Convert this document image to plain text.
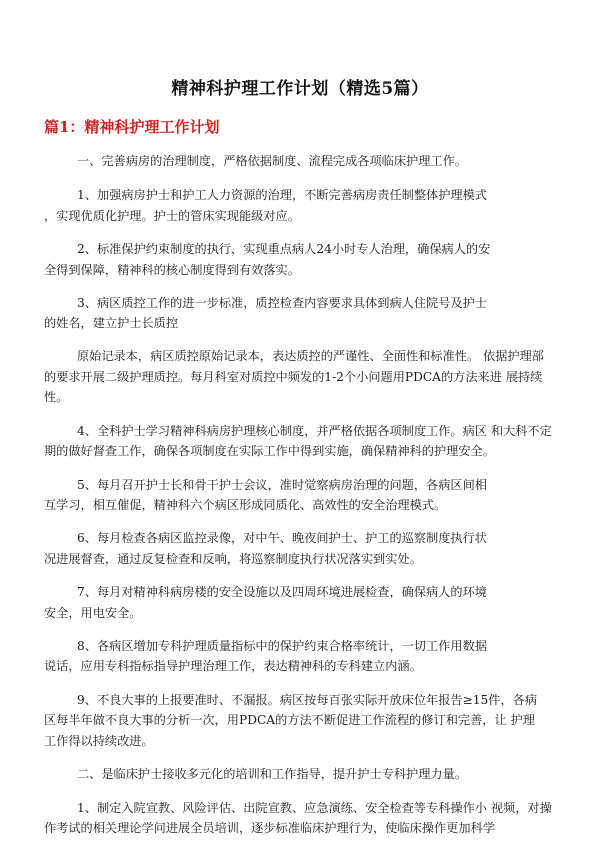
精神科护理工作计划（精选5篇）
篇1：精神科护理工作计划
一、完善病房的治理制度，严格依据制度、流程完成各项临床护理工作。
1、加强病房护士和护工人力资源的治理，不断完善病房责任制整体护理模式
，实现优质化护理。护士的管床实现能级对应。
2、标准保护约束制度的执行，实现重点病人24小时专人治理，确保病人的安
全得到保障，精神科的核心制度得到有效落实。
3、病区质控工作的进一步标准，质控检查内容要求具体到病人住院号及护士
的姓名，建立护士长质控
原始记录本，病区质控原始记录本，表达质控的严谨性、全面性和标准性。 依据护理部
的要求开展二级护理质控。每月科室对质控中频发的1-2个小问题用PDCA的方法来进 展持续
性。
4、全科护士学习精神科病房护理核心制度，并严格依据各项制度工作。病区 和大科不定
期的做好督查工作，确保各项制度在实际工作中得到实施，确保精神科的护理安全。
5、每月召开护士长和骨干护士会议，准时觉察病房治理的问题，各病区间相
互学习，相互催促，精神科六个病区形成同质化、高效性的安全治理模式。
6、每月检查各病区监控录像，对中午、晚夜间护士、护工的巡察制度执行状
况进展督查，通过反复检查和反响，将巡察制度执行状况落实到实处。
7、每月对精神科病房楼的安全设施以及四周环境进展检查，确保病人的环境
安全，用电安全。
8、各病区增加专科护理质量指标中的保护约束合格率统计，一切工作用数据
说话，应用专科指标指导护理治理工作，表达精神科的专科建立内涵。
9、不良大事的上报要准时、不漏报。病区按每百张实际开放床位年报告≥15件，各病
区每半年做不良大事的分析一次，用PDCA的方法不断促进工作流程的修订和完善，让 护理
工作得以持续改进。
二、是临床护士接收多元化的培训和工作指导，提升护士专科护理力量。
1、制定入院宣教、风险评估、出院宣教、应急演练、安全检查等专科操作小 视频，对操
作考试的相关理论学问进展全员培训，逐步标准临床护理行为，使临床操作更加科学
